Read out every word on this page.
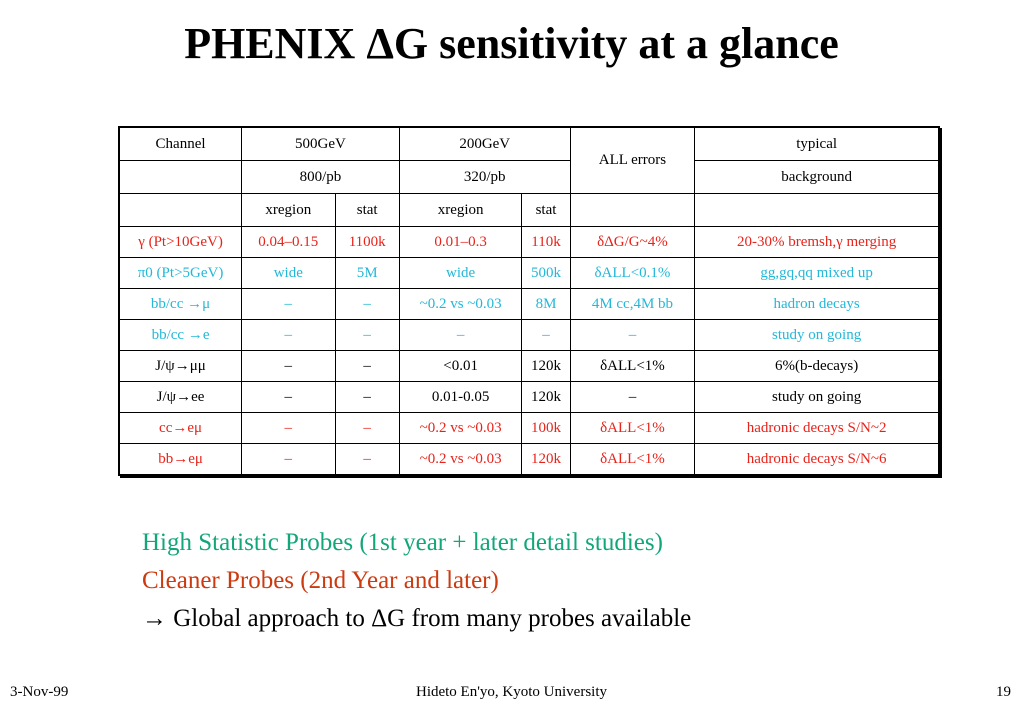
PHENIX ΔG sensitivity at a glance
Channel	500GeV		200GeV		ALL errors	typical
	800/pb		320/pb			background
	xregion	stat	xregion	stat		
γ (Pt>10GeV)	0.04–0.15	1100k	0.01–0.3	110k	δΔG/G~4%	20-30% bremsh,γ merging
π0 (Pt>5GeV)	wide	5M	wide	500k	δALL<0.1%	gg,gq,qq mixed up
bb/cc →μ	–	–	~0.2 vs ~0.03	8M	4M cc,4M bb	hadron decays
bb/cc →e	–	–	–	–	–	study on going
J/ψ→μμ	–	–	<0.01	120k	δALL<1%	6%(b-decays)
J/ψ→ee	–	–	0.01-0.05	120k	–	study on going
cc→eμ	–	–	~0.2 vs ~0.03	100k	δALL<1%	hadronic decays S/N~2
bb→eμ	–	–	~0.2 vs ~0.03	120k	δALL<1%	hadronic decays S/N~6
High Statistic Probes (1st year + later detail studies)
Cleaner Probes (2nd Year and later)
→ Global approach to ΔG from many probes available
3-Nov-99	Hideto En'yo, Kyoto University	19
